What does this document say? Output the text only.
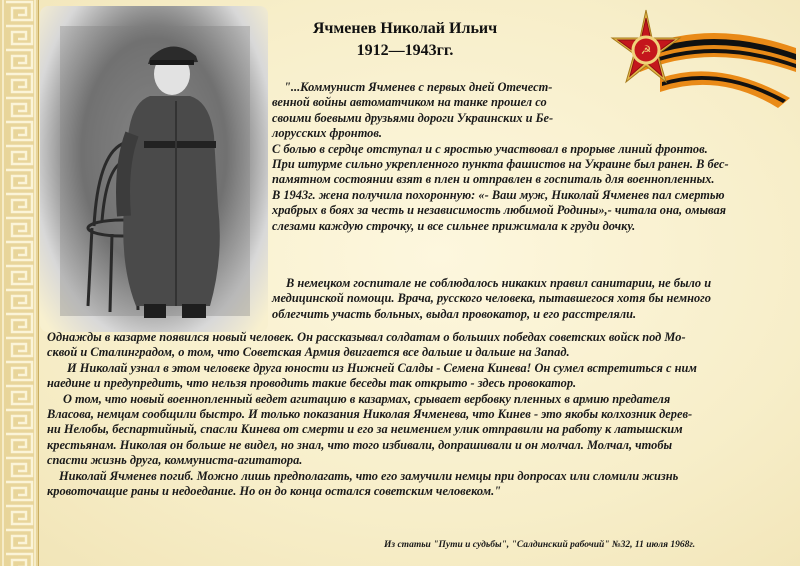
Ячменев Николай Ильич
1912—1943гг.	☭
"...Коммунист Ячменев с первых дней Отечест-
венной войны автоматчиком на танке прошел со
своими боевыми друзьями дороги Украинских и Бе-
лорусских фронтов.
С болью в сердце отступал и с яростью участвовал в прорыве линий фронтов.
При штурме сильно укрепленного пункта фашистов на Украине был ранен. В бес-
памятном состоянии взят в плен и отправлен в госпиталь для военнопленных.
В 1943г. жена получила похоронную: «- Ваш муж, Николай Ячменев пал смертью
храбрых в боях за честь и независимость любимой Родины»,- читала она, омывая
слезами каждую строчку, и все сильнее прижимала к груди дочку.
В немецком госпитале не соблюдалось никаких правил санитарии, не было и
медицинской помощи. Врача, русского человека, пытавшегося хотя бы немного
облегчить участь больных, выдал провокатор, и его расстреляли.
Однажды в казарме появился новый человек. Он рассказывал солдатам о больших победах советских войск под Мо-
сквой и Сталинградом, о том, что Советская Армия двигается все дальше и дальше на Запад.
И Николай узнал в этом человеке друга юности из Нижней Салды - Семена Кинева! Он сумел встретиться с ним
наедине и предупредить, что нельзя проводить такие беседы так открыто - здесь провокатор.
О том, что новый военнопленный ведет агитацию в казармах, срывает вербовку пленных в армию предателя
Власова, немцам сообщили быстро. И только показания Николая Ячменева, что Кинев - это якобы колхозник дерев-
ни Нелобы, беспартийный, спасли Кинева от смерти и его за неимением улик отправили на работу к латышским
крестьянам. Николая он больше не видел, но знал, что того избивали, допрашивали и он молчал. Молчал, чтобы
спасти жизнь друга, коммуниста-агитатора.
Николай Ячменев погиб. Можно лишь предполагать, что его замучили немцы при допросах или сломили жизнь
кровоточащие раны и недоедание. Но он до конца остался советским человеком."
Из статьи "Пути и судьбы", "Салдинский рабочий" №32, 11 июля 1968г.
